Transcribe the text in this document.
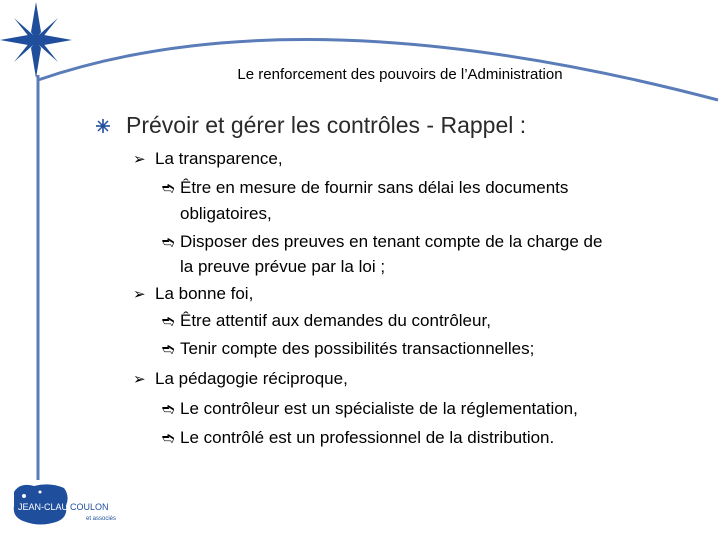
Le renforcement des pouvoirs de l’Administration
Prévoir et gérer les contrôles - Rappel :
➢ La transparence,
➬ Être en mesure de fournir sans délai les documents
obligatoires,
➬ Disposer des preuves en tenant compte de la charge de
la preuve prévue par la loi ;
➢ La bonne foi,
➬ Être attentif aux demandes du contrôleur,
➬ Tenir compte des possibilités transactionnelles;
➢ La pédagogie réciproque,
➬ Le contrôleur est un spécialiste de la réglementation,
➬ Le contrôlé est un professionnel de la distribution.
JEAN-CLAUDE
COULON
et associés
